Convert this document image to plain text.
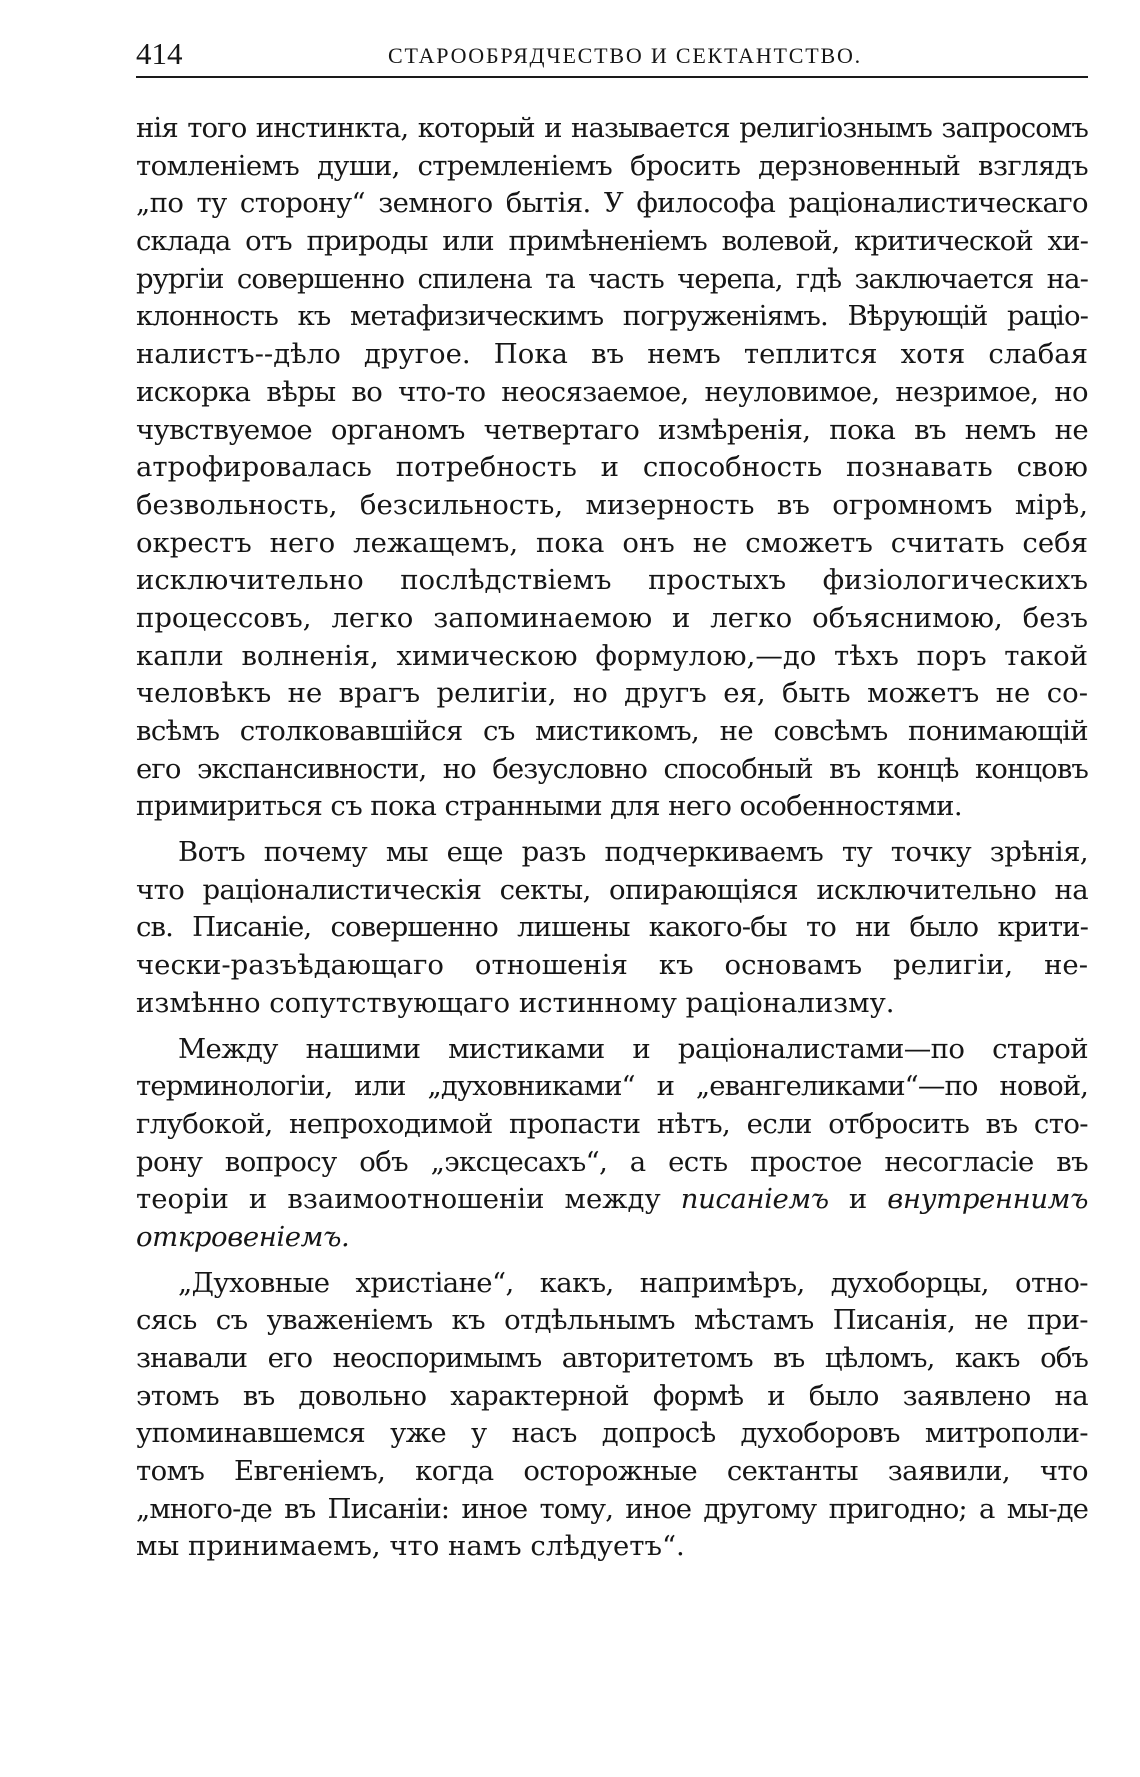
414	СТАРООБРЯДЧЕСТВО И СЕКТАНТСТВО.
нія того инстинкта, который и называется религіознымъ запросомъ
томленіемъ души, стремленіемъ бросить дерзновенный взглядъ
„по ту сторону“ земного бытія. У философа раціоналистическаго
склада отъ природы или примѣненіемъ волевой, критической хи-
рургіи совершенно спилена та часть черепа, гдѣ заключается на-
клонность къ метафизическимъ погруженіямъ. Вѣрующій раціо-
налистъ--дѣло другое. Пока въ немъ теплится хотя слабая
искорка вѣры во что-то неосязаемое, неуловимое, незримое, но
чувствуемое органомъ четвертаго измѣренія, пока въ немъ не
атрофировалась потребность и способность познавать свою
безвольность, безсильность, мизерность въ огромномъ мірѣ,
окрестъ него лежащемъ, пока онъ не сможетъ считать себя
исключительно послѣдствіемъ простыхъ физіологическихъ
процессовъ, легко запоминаемою и легко объяснимою, безъ
капли волненія, химическою формулою,—до тѣхъ поръ такой
человѣкъ не врагъ религіи, но другъ ея, быть можетъ не со-
всѣмъ столковавшійся съ мистикомъ, не совсѣмъ понимающій
его экспансивности, но безусловно способный въ концѣ концовъ
примириться съ пока странными для него особенностями.
Вотъ почему мы еще разъ подчеркиваемъ ту точку зрѣнія,
что раціоналистическія секты, опирающіяся исключительно на
св. Писаніе, совершенно лишены какого-бы то ни было крити-
чески-разъѣдающаго отношенія къ основамъ религіи, не-
измѣнно сопутствующаго истинному раціонализму.
Между нашими мистиками и раціоналистами—по старой
терминологіи, или „духовниками“ и „евангеликами“—по новой,
глубокой, непроходимой пропасти нѣтъ, если отбросить въ сто-
рону вопросу объ „эксцесахъ“, а есть простое несогласіе въ
теоріи и взаимоотношеніи между писаніемъ и внутреннимъ
откровеніемъ.
„Духовные христіане“, какъ, напримѣръ, духоборцы, отно-
сясь съ уваженіемъ къ отдѣльнымъ мѣстамъ Писанія, не при-
знавали его неоспоримымъ авторитетомъ въ цѣломъ, какъ объ
этомъ въ довольно характерной формѣ и было заявлено на
упоминавшемся уже у насъ допросѣ духоборовъ митрополи-
томъ Евгеніемъ, когда осторожные сектанты заявили, что
„много-де въ Писаніи: иное тому, иное другому пригодно; а мы-де
мы принимаемъ, что намъ слѣдуетъ“.
